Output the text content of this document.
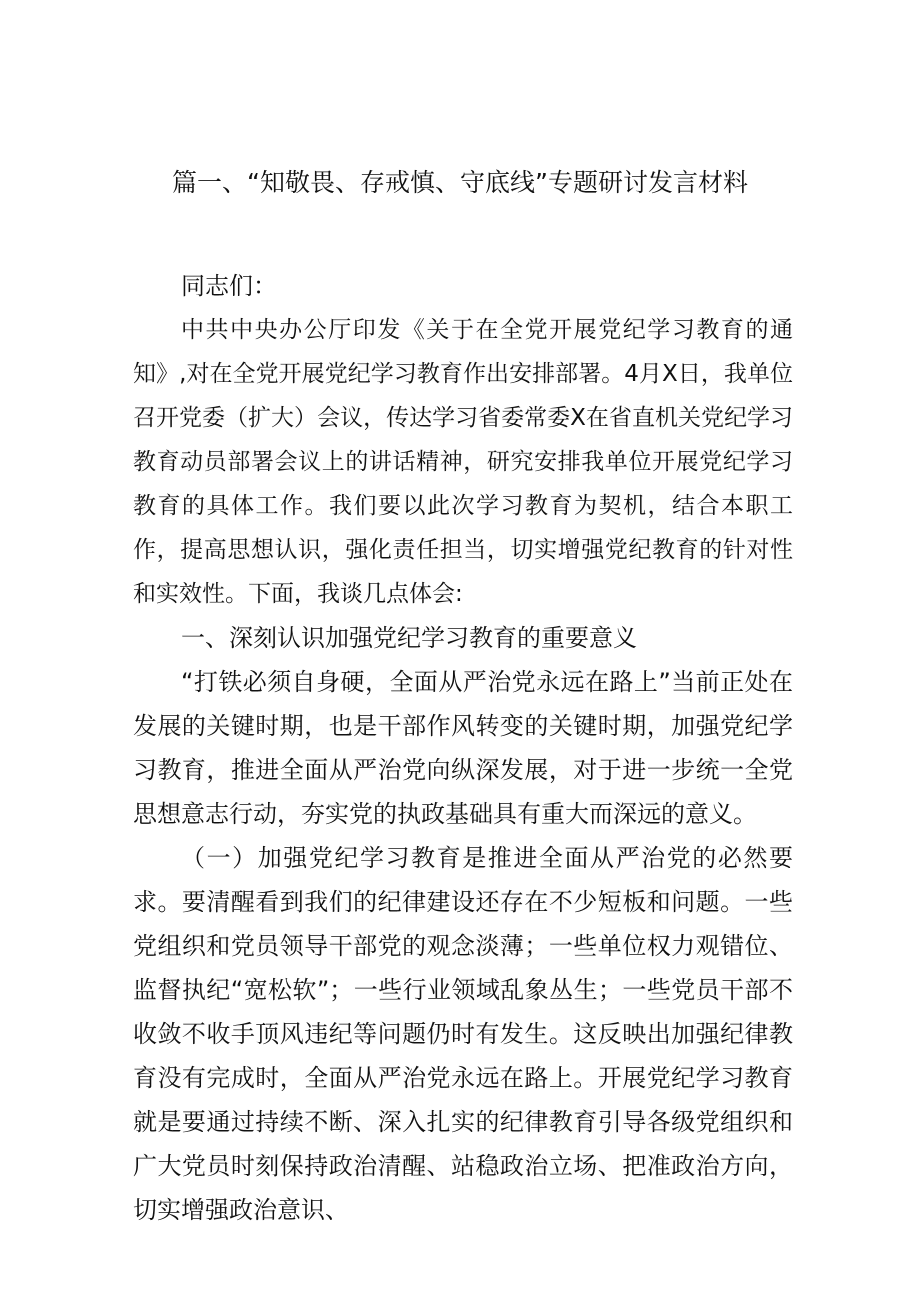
篇一、“知敬畏、存戒慎、守底线”专题研讨发言材料

同志们：

中共中央办公厅印发《关于在全党开展党纪学习教育的通知》,对在全党开展党纪学习教育作出安排部署。4月X日，我单位召开党委（扩大）会议，传达学习省委常委X在省直机关党纪学习教育动员部署会议上的讲话精神，研究安排我单位开展党纪学习教育的具体工作。我们要以此次学习教育为契机，结合本职工作，提高思想认识，强化责任担当，切实增强党纪教育的针对性和实效性。下面，我谈几点体会:

一、深刻认识加强党纪学习教育的重要意义

“打铁必须自身硬，全面从严治党永远在路上”当前正处在发展的关键时期，也是干部作风转变的关键时期，加强党纪学习教育，推进全面从严治党向纵深发展，对于进一步统一全党思想意志行动，夯实党的执政基础具有重大而深远的意义。

（一）加强党纪学习教育是推进全面从严治党的必然要求。要清醒看到我们的纪律建设还存在不少短板和问题。一些党组织和党员领导干部党的观念淡薄；一些单位权力观错位、监督执纪“宽松软”；一些行业领域乱象丛生；一些党员干部不收敛不收手顶风违纪等问题仍时有发生。这反映出加强纪律教育没有完成时，全面从严治党永远在路上。开展党纪学习教育就是要通过持续不断、深入扎实的纪律教育引导各级党组织和广大党员时刻保持政治清醒、站稳政治立场、把准政治方向，切实增强政治意识、
